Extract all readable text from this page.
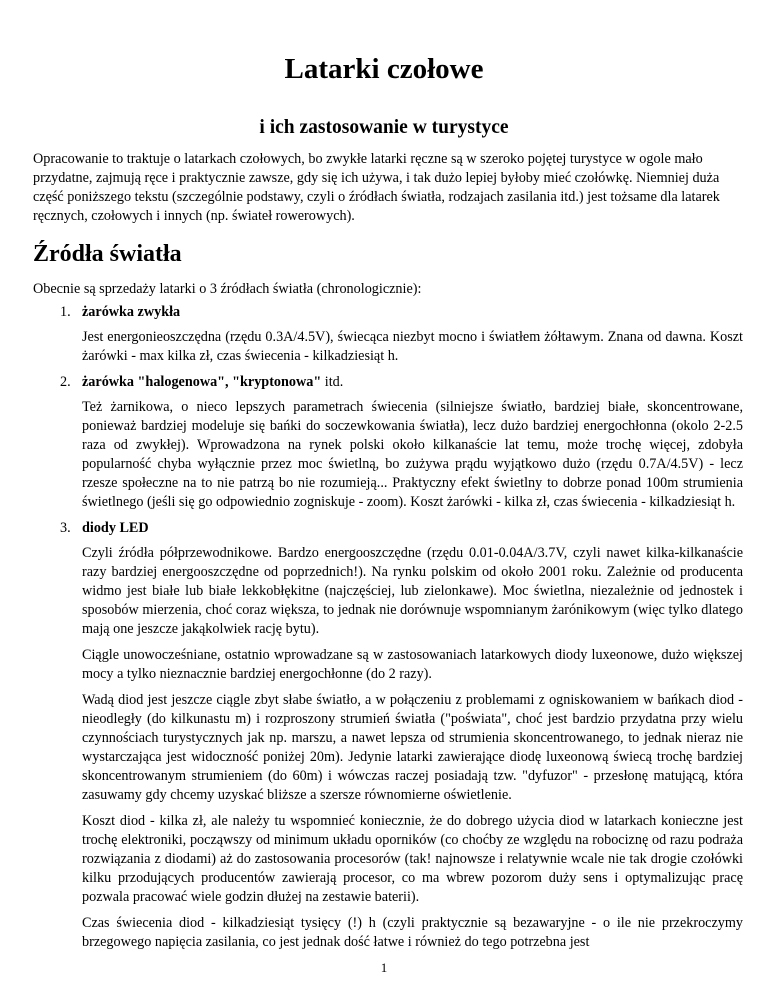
Latarki czołowe
i ich zastosowanie w turystyce

Opracowanie to traktuje o latarkach czołowych, bo zwykłe latarki ręczne są w szeroko pojętej turystyce w ogole mało przydatne, zajmują ręce i praktycznie zawsze, gdy się ich używa, i tak dużo lepiej byłoby mieć czołówkę. Niemniej duża część poniższego tekstu (szczególnie podstawy, czyli o źródłach światła, rodzajach zasilania itd.) jest tożsame dla latarek ręcznych, czołowych i innych (np. świateł rowerowych).

Źródła światła

Obecnie są sprzedaży latarki o 3 źródłach światła (chronologicznie):

1. żarówka zwykła

Jest energonieoszczędna (rzędu 0.3A/4.5V), świecąca niezbyt mocno i światłem żółtawym. Znana od dawna. Koszt żarówki - max kilka zł, czas świecenia - kilkadziesiąt h.

2. żarówka "halogenowa", "kryptonowa" itd.

Też żarnikowa, o nieco lepszych parametrach świecenia (silniejsze światło, bardziej białe, skoncentrowane, ponieważ bardziej modeluje się bańki do soczewkowania światła), lecz dużo bardziej energochłonna (okolo 2-2.5 raza od zwykłej). Wprowadzona na rynek polski około kilkanaście lat temu, może trochę więcej, zdobyła popularność chyba wyłącznie przez moc świetlną, bo zużywa prądu wyjątkowo dużo (rzędu 0.7A/4.5V) - lecz rzesze społeczne na to nie patrzą bo nie rozumieją... Praktyczny efekt świetlny to dobrze ponad 100m strumienia świetlnego (jeśli się go odpowiednio zogniskuje - zoom). Koszt żarówki - kilka zł, czas świecenia - kilkadziesiąt h.

3. diody LED

Czyli źródła półprzewodnikowe. Bardzo energooszczędne (rzędu 0.01-0.04A/3.7V, czyli nawet kilka-kilkanaście razy bardziej energooszczędne od poprzednich!). Na rynku polskim od około 2001 roku. Zależnie od producenta widmo jest białe lub białe lekkobłękitne (najczęściej, lub zielonkawe). Moc świetlna, niezależnie od jednostek i sposobów mierzenia, choć coraz większa, to jednak nie dorównuje wspomnianym żarónikowym (więc tylko dlatego mają one jeszcze jakąkolwiek rację bytu).

Ciągle unowocześniane, ostatnio wprowadzane są w zastosowaniach latarkowych diody luxeonowe, dużo większej mocy a tylko nieznacznie bardziej energochłonne (do 2 razy).

Wadą diod jest jeszcze ciągle zbyt słabe światło, a w połączeniu z problemami z ogniskowaniem w bańkach diod - nieodległy (do kilkunastu m) i rozproszony strumień światła ("poświata", choć jest bardzio przydatna przy wielu czynnościach turystycznych jak np. marszu, a nawet lepsza od strumienia skoncentrowanego, to jednak nieraz nie wystarczająca jest widoczność poniżej 20m). Jedynie latarki zawierające diodę luxeonową świecą trochę bardziej skoncentrowanym strumieniem (do 60m) i wówczas raczej posiadają tzw. "dyfuzor" - przesłonę matującą, która zasuwamy gdy chcemy uzyskać bliższe a szersze równomierne oświetlenie.

Koszt diod - kilka zł, ale należy tu wspomnieć koniecznie, że do dobrego użycia diod w latarkach konieczne jest trochę elektroniki, począwszy od minimum układu oporników (co choćby ze względu na robociznę od razu podraża rozwiązania z diodami) aż do zastosowania procesorów (tak! najnowsze i relatywnie wcale nie tak drogie czołówki kilku przodujących producentów zawierają procesor, co ma wbrew pozorom duży sens i optymalizując pracę pozwala pracować wiele godzin dłużej na zestawie baterii).

Czas świecenia diod - kilkadziesiąt tysięcy (!) h (czyli praktycznie są bezawaryjne - o ile nie przekroczymy brzegowego napięcia zasilania, co jest jednak dość łatwe i również do tego potrzebna jest

1
